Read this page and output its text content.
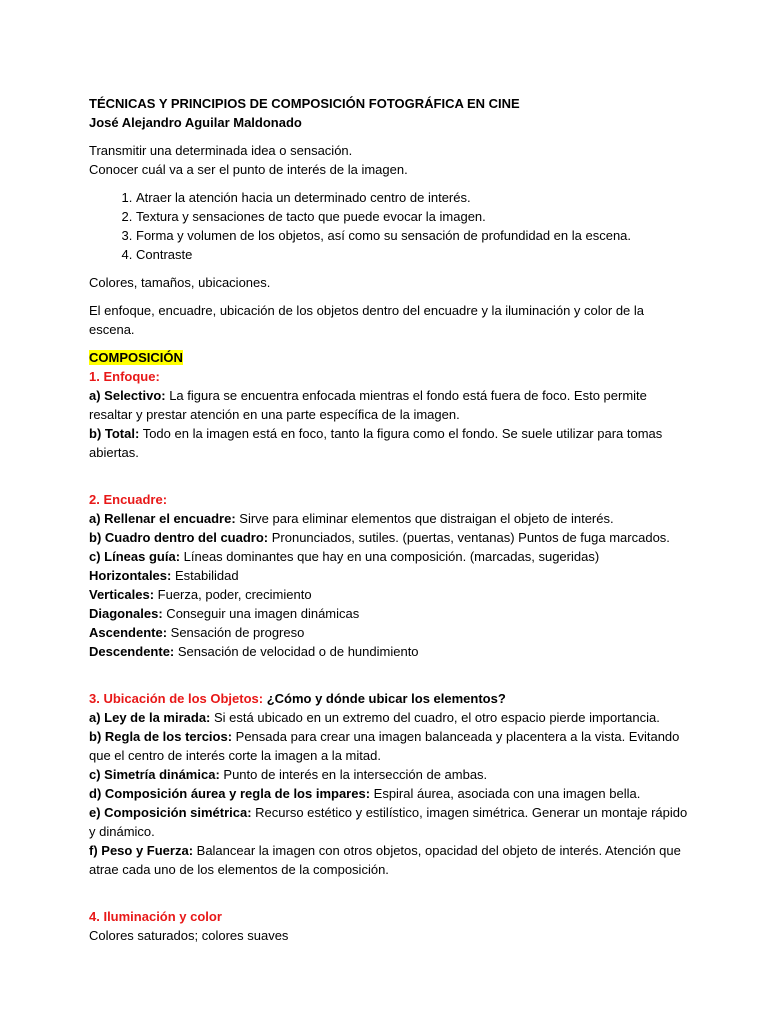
TÉCNICAS Y PRINCIPIOS DE COMPOSICIÓN FOTOGRÁFICA EN CINE

José Alejandro Aguilar Maldonado

Transmitir una determinada idea o sensación.

Conocer cuál va a ser el punto de interés de la imagen.

1. Atraer la atención hacia un determinado centro de interés.
2. Textura y sensaciones de tacto que puede evocar la imagen.
3. Forma y volumen de los objetos, así como su sensación de profundidad en la escena.
4. Contraste

Colores, tamaños, ubicaciones.

El enfoque, encuadre, ubicación de los objetos dentro del encuadre y la iluminación y color de la escena.

COMPOSICIÓN

1. Enfoque:

a) Selectivo: La figura se encuentra enfocada mientras el fondo está fuera de foco. Esto permite resaltar y prestar atención en una parte específica de la imagen.

b) Total: Todo en la imagen está en foco, tanto la figura como el fondo. Se suele utilizar para tomas abiertas.

2. Encuadre:

a) Rellenar el encuadre: Sirve para eliminar elementos que distraigan el objeto de interés.

b) Cuadro dentro del cuadro: Pronunciados, sutiles. (puertas, ventanas) Puntos de fuga marcados.

c) Líneas guía: Líneas dominantes que hay en una composición. (marcadas, sugeridas)

Horizontales: Estabilidad

Verticales: Fuerza, poder, crecimiento

Diagonales: Conseguir una imagen dinámicas

Ascendente: Sensación de progreso

Descendente: Sensación de velocidad o de hundimiento

3. Ubicación de los Objetos: ¿Cómo y dónde ubicar los elementos?

a) Ley de la mirada: Si está ubicado en un extremo del cuadro, el otro espacio pierde importancia.

b) Regla de los tercios: Pensada para crear una imagen balanceada y placentera a la vista. Evitando que el centro de interés corte la imagen a la mitad.

c) Simetría dinámica: Punto de interés en la intersección de ambas.

d) Composición áurea y regla de los impares: Espiral áurea, asociada con una imagen bella.

e) Composición simétrica: Recurso estético y estilístico, imagen simétrica. Generar un montaje rápido y dinámico.

f) Peso y Fuerza: Balancear la imagen con otros objetos, opacidad del objeto de interés. Atención que atrae cada uno de los elementos de la composición.

4. Iluminación y color

Colores saturados; colores suaves
